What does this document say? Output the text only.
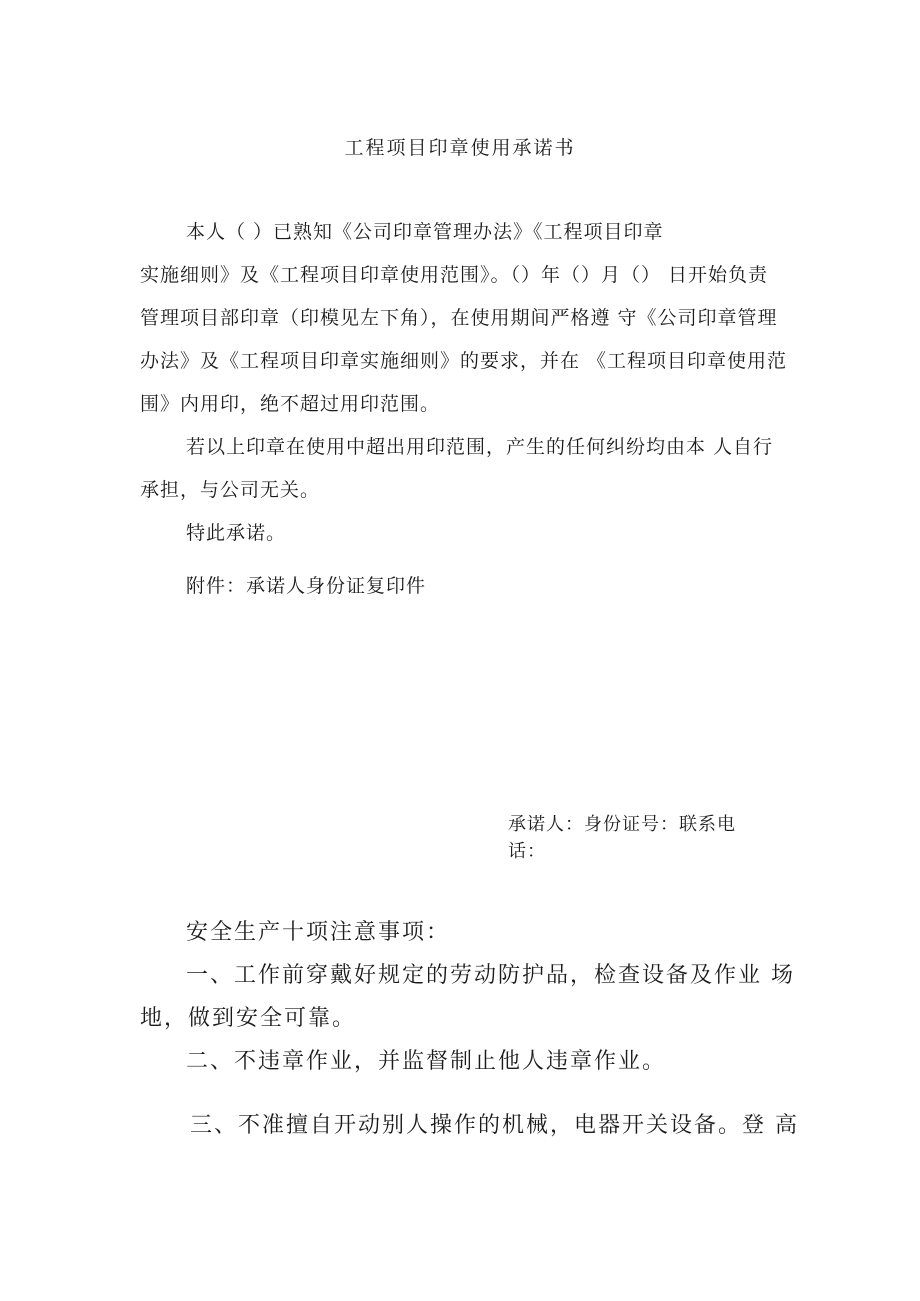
工程项目印章使用承诺书
本人（ ）已熟知《公司印章管理办法》《工程项目印章
实施细则》及《工程项目印章使用范围》。（）年（）月（） 日开始负责
管理项目部印章（印模见左下角），在使用期间严格遵 守《公司印章管理
办法》及《工程项目印章实施细则》的要求，并在 《工程项目印章使用范
围》内用印，绝不超过用印范围。
若以上印章在使用中超出用印范围，产生的任何纠纷均由本 人自行
承担，与公司无关。
特此承诺。
附件：承诺人身份证复印件
承诺人：身份证号：联系电
话：
安全生产十项注意事项：
一、工作前穿戴好规定的劳动防护品，检查设备及作业 场
地，做到安全可靠。
二、不违章作业，并监督制止他人违章作业。
三、不准擅自开动别人操作的机械，电器开关设备。登 高
